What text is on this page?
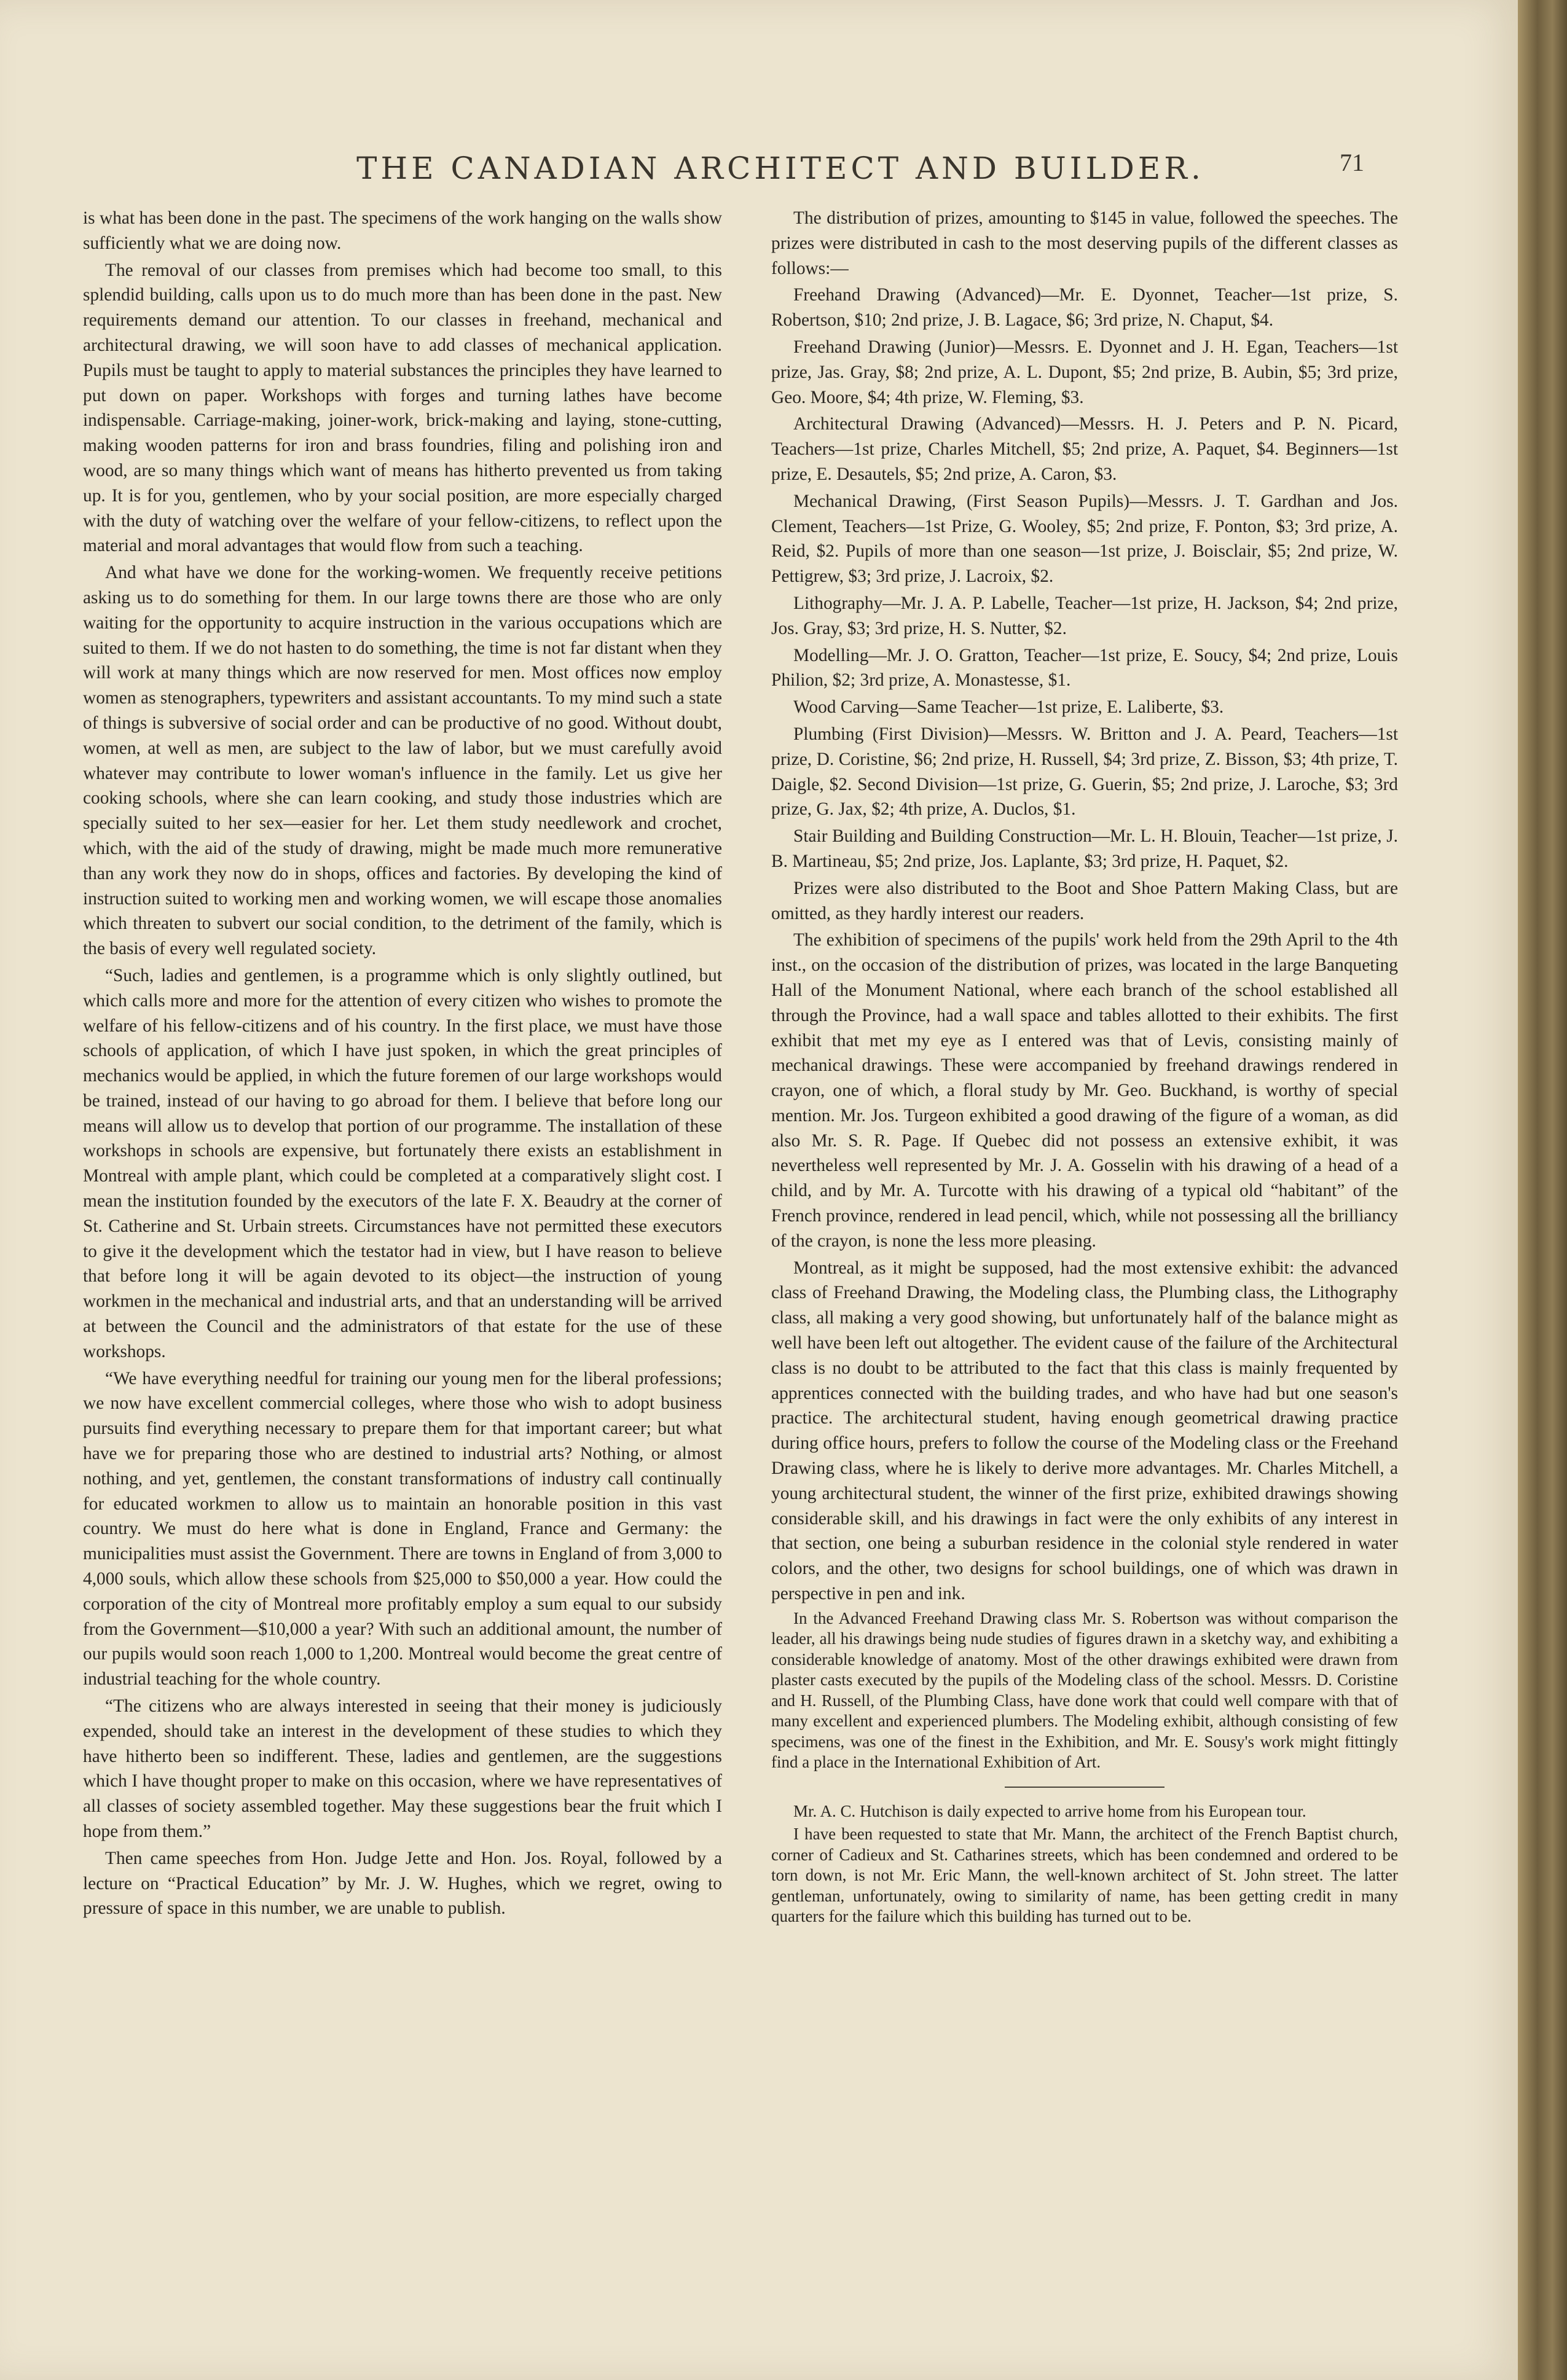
THE CANADIAN ARCHITECT AND BUILDER.	71

is what has been done in the past. The specimens of the work hanging on the walls show sufficiently what we are doing now.

The removal of our classes from premises which had become too small, to this splendid building, calls upon us to do much more than has been done in the past. New requirements demand our attention. To our classes in freehand, mechanical and architectural drawing, we will soon have to add classes of mechanical application. Pupils must be taught to apply to material substances the principles they have learned to put down on paper. Workshops with forges and turning lathes have become indispensable. Carriage-making, joiner-work, brick-making and laying, stone-cutting, making wooden patterns for iron and brass foundries, filing and polishing iron and wood, are so many things which want of means has hitherto prevented us from taking up. It is for you, gentlemen, who by your social position, are more especially charged with the duty of watching over the welfare of your fellow-citizens, to reflect upon the material and moral advantages that would flow from such a teaching.

And what have we done for the working-women. We frequently receive petitions asking us to do something for them. In our large towns there are those who are only waiting for the opportunity to acquire instruction in the various occupations which are suited to them. If we do not hasten to do something, the time is not far distant when they will work at many things which are now reserved for men. Most offices now employ women as stenographers, typewriters and assistant accountants. To my mind such a state of things is subversive of social order and can be productive of no good. Without doubt, women, at well as men, are subject to the law of labor, but we must carefully avoid whatever may contribute to lower woman's influence in the family. Let us give her cooking schools, where she can learn cooking, and study those industries which are specially suited to her sex—easier for her. Let them study needlework and crochet, which, with the aid of the study of drawing, might be made much more remunerative than any work they now do in shops, offices and factories. By developing the kind of instruction suited to working men and working women, we will escape those anomalies which threaten to subvert our social condition, to the detriment of the family, which is the basis of every well regulated society.

“Such, ladies and gentlemen, is a programme which is only slightly outlined, but which calls more and more for the attention of every citizen who wishes to promote the welfare of his fellow-citizens and of his country. In the first place, we must have those schools of application, of which I have just spoken, in which the great principles of mechanics would be applied, in which the future foremen of our large workshops would be trained, instead of our having to go abroad for them. I believe that before long our means will allow us to develop that portion of our programme. The installation of these workshops in schools are expensive, but fortunately there exists an establishment in Montreal with ample plant, which could be completed at a comparatively slight cost. I mean the institution founded by the executors of the late F. X. Beaudry at the corner of St. Catherine and St. Urbain streets. Circumstances have not permitted these executors to give it the development which the testator had in view, but I have reason to believe that before long it will be again devoted to its object—the instruction of young workmen in the mechanical and industrial arts, and that an understanding will be arrived at between the Council and the administrators of that estate for the use of these workshops.

“We have everything needful for training our young men for the liberal professions; we now have excellent commercial colleges, where those who wish to adopt business pursuits find everything necessary to prepare them for that important career; but what have we for preparing those who are destined to industrial arts? Nothing, or almost nothing, and yet, gentlemen, the constant transformations of industry call continually for educated workmen to allow us to maintain an honorable position in this vast country. We must do here what is done in England, France and Germany: the municipalities must assist the Government. There are towns in England of from 3,000 to 4,000 souls, which allow these schools from $25,000 to $50,000 a year. How could the corporation of the city of Montreal more profitably employ a sum equal to our subsidy from the Government—$10,000 a year? With such an additional amount, the number of our pupils would soon reach 1,000 to 1,200. Montreal would become the great centre of industrial teaching for the whole country.

“The citizens who are always interested in seeing that their money is judiciously expended, should take an interest in the development of these studies to which they have hitherto been so indifferent. These, ladies and gentlemen, are the suggestions which I have thought proper to make on this occasion, where we have representatives of all classes of society assembled together. May these suggestions bear the fruit which I hope from them.”

Then came speeches from Hon. Judge Jette and Hon. Jos. Royal, followed by a lecture on “Practical Education” by Mr. J. W. Hughes, which we regret, owing to pressure of space in this number, we are unable to publish.

The distribution of prizes, amounting to $145 in value, followed the speeches. The prizes were distributed in cash to the most deserving pupils of the different classes as follows:—

Freehand Drawing (Advanced)—Mr. E. Dyonnet, Teacher—1st prize, S. Robertson, $10; 2nd prize, J. B. Lagace, $6; 3rd prize, N. Chaput, $4.

Freehand Drawing (Junior)—Messrs. E. Dyonnet and J. H. Egan, Teachers—1st prize, Jas. Gray, $8; 2nd prize, A. L. Dupont, $5; 2nd prize, B. Aubin, $5; 3rd prize, Geo. Moore, $4; 4th prize, W. Fleming, $3.

Architectural Drawing (Advanced)—Messrs. H. J. Peters and P. N. Picard, Teachers—1st prize, Charles Mitchell, $5; 2nd prize, A. Paquet, $4. Beginners—1st prize, E. Desautels, $5; 2nd prize, A. Caron, $3.

Mechanical Drawing, (First Season Pupils)—Messrs. J. T. Gardhan and Jos. Clement, Teachers—1st Prize, G. Wooley, $5; 2nd prize, F. Ponton, $3; 3rd prize, A. Reid, $2. Pupils of more than one season—1st prize, J. Boisclair, $5; 2nd prize, W. Pettigrew, $3; 3rd prize, J. Lacroix, $2.

Lithography—Mr. J. A. P. Labelle, Teacher—1st prize, H. Jackson, $4; 2nd prize, Jos. Gray, $3; 3rd prize, H. S. Nutter, $2.

Modelling—Mr. J. O. Gratton, Teacher—1st prize, E. Soucy, $4; 2nd prize, Louis Philion, $2; 3rd prize, A. Monastesse, $1.

Wood Carving—Same Teacher—1st prize, E. Laliberte, $3.

Plumbing (First Division)—Messrs. W. Britton and J. A. Peard, Teachers—1st prize, D. Coristine, $6; 2nd prize, H. Russell, $4; 3rd prize, Z. Bisson, $3; 4th prize, T. Daigle, $2. Second Division—1st prize, G. Guerin, $5; 2nd prize, J. Laroche, $3; 3rd prize, G. Jax, $2; 4th prize, A. Duclos, $1.

Stair Building and Building Construction—Mr. L. H. Blouin, Teacher—1st prize, J. B. Martineau, $5; 2nd prize, Jos. Laplante, $3; 3rd prize, H. Paquet, $2.

Prizes were also distributed to the Boot and Shoe Pattern Making Class, but are omitted, as they hardly interest our readers.

The exhibition of specimens of the pupils' work held from the 29th April to the 4th inst., on the occasion of the distribution of prizes, was located in the large Banqueting Hall of the Monument National, where each branch of the school established all through the Province, had a wall space and tables allotted to their exhibits. The first exhibit that met my eye as I entered was that of Levis, consisting mainly of mechanical drawings. These were accompanied by freehand drawings rendered in crayon, one of which, a floral study by Mr. Geo. Buckhand, is worthy of special mention. Mr. Jos. Turgeon exhibited a good drawing of the figure of a woman, as did also Mr. S. R. Page. If Quebec did not possess an extensive exhibit, it was nevertheless well represented by Mr. J. A. Gosselin with his drawing of a head of a child, and by Mr. A. Turcotte with his drawing of a typical old “habitant” of the French province, rendered in lead pencil, which, while not possessing all the brilliancy of the crayon, is none the less more pleasing.

Montreal, as it might be supposed, had the most extensive exhibit: the advanced class of Freehand Drawing, the Modeling class, the Plumbing class, the Lithography class, all making a very good showing, but unfortunately half of the balance might as well have been left out altogether. The evident cause of the failure of the Architectural class is no doubt to be attributed to the fact that this class is mainly frequented by apprentices connected with the building trades, and who have had but one season's practice. The architectural student, having enough geometrical drawing practice during office hours, prefers to follow the course of the Modeling class or the Freehand Drawing class, where he is likely to derive more advantages. Mr. Charles Mitchell, a young architectural student, the winner of the first prize, exhibited drawings showing considerable skill, and his drawings in fact were the only exhibits of any interest in that section, one being a suburban residence in the colonial style rendered in water colors, and the other, two designs for school buildings, one of which was drawn in perspective in pen and ink.

In the Advanced Freehand Drawing class Mr. S. Robertson was without comparison the leader, all his drawings being nude studies of figures drawn in a sketchy way, and exhibiting a considerable knowledge of anatomy. Most of the other drawings exhibited were drawn from plaster casts executed by the pupils of the Modeling class of the school. Messrs. D. Coristine and H. Russell, of the Plumbing Class, have done work that could well compare with that of many excellent and experienced plumbers. The Modeling exhibit, although consisting of few specimens, was one of the finest in the Exhibition, and Mr. E. Sousy's work might fittingly find a place in the International Exhibition of Art.

Mr. A. C. Hutchison is daily expected to arrive home from his European tour.

I have been requested to state that Mr. Mann, the architect of the French Baptist church, corner of Cadieux and St. Catharines streets, which has been condemned and ordered to be torn down, is not Mr. Eric Mann, the well-known architect of St. John street. The latter gentleman, unfortunately, owing to similarity of name, has been getting credit in many quarters for the failure which this building has turned out to be.
